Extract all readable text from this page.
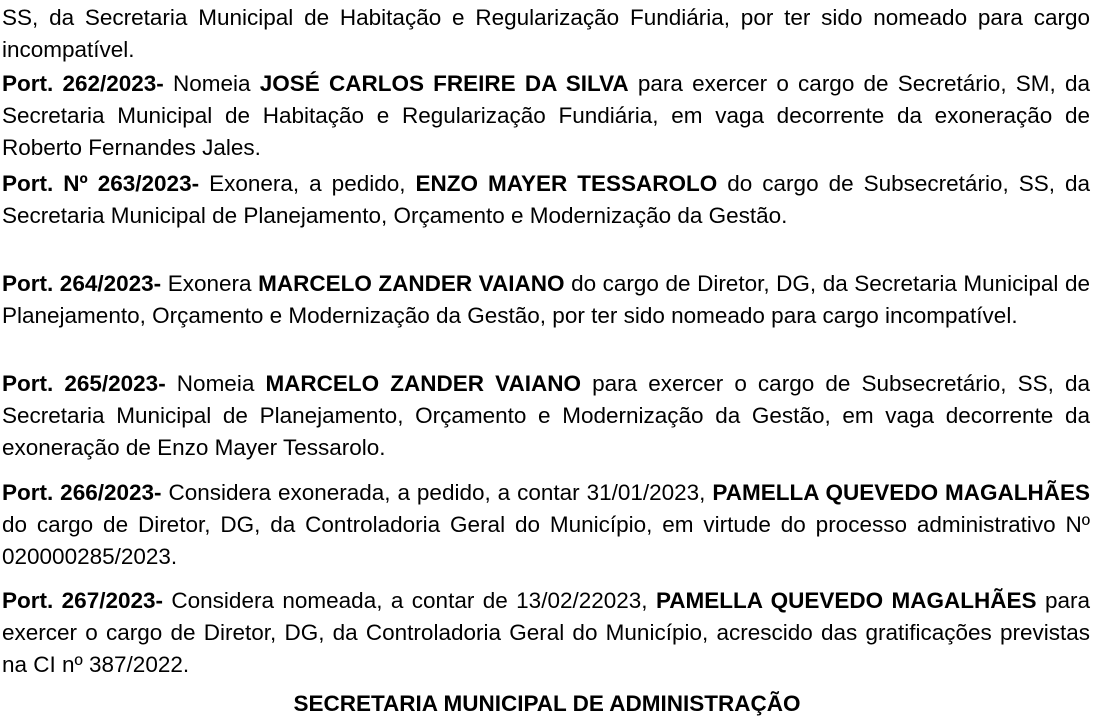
SS, da Secretaria Municipal de Habitação e Regularização Fundiária, por ter sido nomeado para cargo incompatível.

Port. 262/2023- Nomeia JOSÉ CARLOS FREIRE DA SILVA para exercer o cargo de Secretário, SM, da Secretaria Municipal de Habitação e Regularização Fundiária, em vaga decorrente da exoneração de Roberto Fernandes Jales.

Port. Nº 263/2023- Exonera, a pedido, ENZO MAYER TESSAROLO do cargo de Subsecretário, SS, da Secretaria Municipal de Planejamento, Orçamento e Modernização da Gestão.

Port. 264/2023- Exonera MARCELO ZANDER VAIANO do cargo de Diretor, DG, da Secretaria Municipal de Planejamento, Orçamento e Modernização da Gestão, por ter sido nomeado para cargo incompatível.

Port. 265/2023- Nomeia MARCELO ZANDER VAIANO para exercer o cargo de Subsecretário, SS, da Secretaria Municipal de Planejamento, Orçamento e Modernização da Gestão, em vaga decorrente da exoneração de Enzo Mayer Tessarolo.

Port. 266/2023- Considera exonerada, a pedido, a contar 31/01/2023, PAMELLA QUEVEDO MAGALHÃES do cargo de Diretor, DG, da Controladoria Geral do Município, em virtude do processo administrativo Nº 020000285/2023.

Port. 267/2023- Considera nomeada, a contar de 13/02/22023, PAMELLA QUEVEDO MAGALHÃES para exercer o cargo de Diretor, DG, da Controladoria Geral do Município, acrescido das gratificações previstas na CI nº 387/2022.

SECRETARIA MUNICIPAL DE ADMINISTRAÇÃO
